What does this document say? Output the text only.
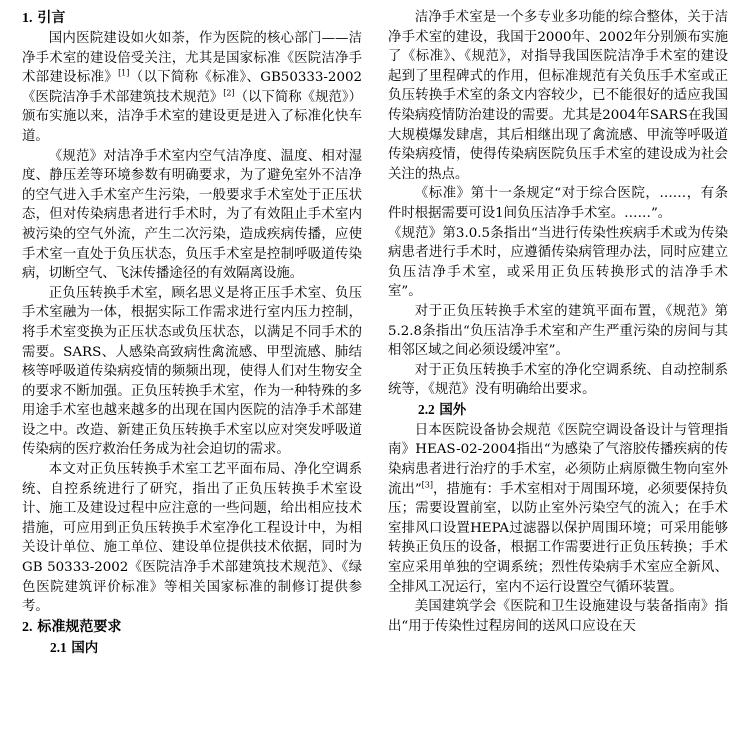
1. 引言

国内医院建设如火如荼，作为医院的核心部门——洁净手术室的建设倍受关注，尤其是国家标准《医院洁净手术部建设标准》[1]（以下简称《标准》、GB50333-2002《医院洁净手术部建筑技术规范》[2]（以下简称《规范》）颁布实施以来，洁净手术室的建设更是进入了标准化快车道。

《规范》对洁净手术室内空气洁净度、温度、相对湿度、静压差等环境参数有明确要求，为了避免室外不洁净的空气进入手术室产生污染，一般要求手术室处于正压状态，但对传染病患者进行手术时，为了有效阻止手术室内被污染的空气外流，产生二次污染，造成疾病传播，应使手术室一直处于负压状态，负压手术室是控制呼吸道传染病，切断空气、飞沫传播途径的有效隔离设施。

正负压转换手术室，顾名思义是将正压手术室、负压手术室融为一体，根据实际工作需求进行室内压力控制，将手术室变换为正压状态或负压状态，以满足不同手术的需要。SARS、人感染高致病性禽流感、甲型流感、肺结核等呼吸道传染病疫情的频频出现，使得人们对生物安全的要求不断加强。正负压转换手术室，作为一种特殊的多用途手术室也越来越多的出现在国内医院的洁净手术部建设之中。改造、新建正负压转换手术室以应对突发呼吸道传染病的医疗救治任务成为社会迫切的需求。

本文对正负压转换手术室工艺平面布局、净化空调系统、自控系统进行了研究，指出了正负压转换手术室设计、施工及建设过程中应注意的一些问题，给出相应技术措施，可应用到正负压转换手术室净化工程设计中，为相关设计单位、施工单位、建设单位提供技术依据，同时为 GB 50333-2002《医院洁净手术部建筑技术规范》、《绿色医院建筑评价标准》等相关国家标准的制修订提供参考。

2. 标准规范要求
2.1 国内

洁净手术室是一个多专业多功能的综合整体，关于洁净手术室的建设，我国于2000年、2002年分别颁布实施了《标准》、《规范》，对指导我国医院洁净手术室的建设起到了里程碑式的作用，但标准规范有关负压手术室或正负压转换手术室的条文内容较少，已不能很好的适应我国传染病疫情防治建设的需要。尤其是2004年SARS在我国大规模爆发肆虐，其后相继出现了禽流感、甲流等呼吸道传染病疫情，使得传染病医院负压手术室的建设成为社会关注的热点。

《标准》第十一条规定“对于综合医院，……，有条件时根据需要可设1间负压洁净手术室。……”。

《规范》第3.0.5条指出“当进行传染性疾病手术或为传染病患者进行手术时，应遵循传染病管理办法，同时应建立负压洁净手术室，或采用正负压转换形式的洁净手术室”。

对于正负压转换手术室的建筑平面布置，《规范》第5.2.8条指出“负压洁净手术室和产生严重污染的房间与其相邻区域之间必须设缓冲室”。

对于正负压转换手术室的净化空调系统、自动控制系统等，《规范》没有明确给出要求。

2.2 国外

日本医院设备协会规范《医院空调设备设计与管理指南》HEAS-02-2004指出“为感染了气溶胶传播疾病的传染病患者进行治疗的手术室，必须防止病原微生物向室外流出”[3]，措施有：手术室相对于周围环境，必须要保持负压；需要设置前室，以防止室外污染空气的流入；在手术室排风口设置HEPA过滤器以保护周围环境；可采用能够转换正负压的设备，根据工作需要进行正负压转换；手术室应采用单独的空调系统；烈性传染病手术室应全新风、全排风工况运行，室内不运行设置空气循环装置。

美国建筑学会《医院和卫生设施建设与装备指南》指出“用于传染性过程房间的送风口应设在天
